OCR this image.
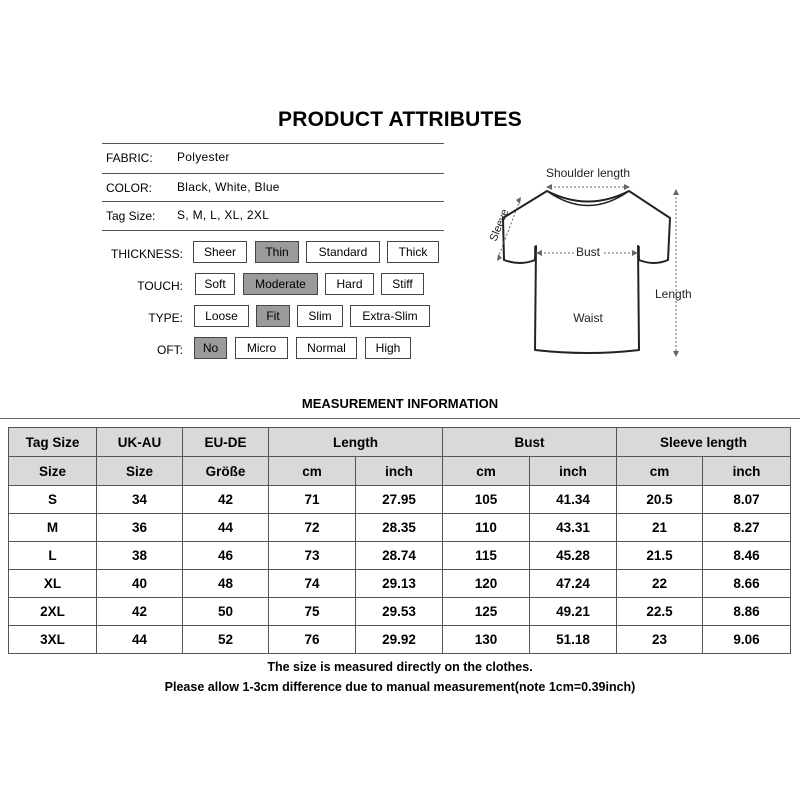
PRODUCT ATTRIBUTES
FABRIC: Polyester
COLOR: Black, White, Blue
Tag Size: S, M, L, XL, 2XL
THICKNESS:	Sheer	Thin	Standard	Thick
TOUCH:	Soft	Moderate	Hard	Stiff
TYPE:	Loose	Fit	Slim	Extra-Slim
OFT:	No	Micro	Normal	High
Shoulder length
Sleeve
Bust
Length
Waist
MEASUREMENT INFORMATION
Tag Size	UK-AU	EU-DE	Length		Bust		Sleeve length	
Size	Size	Größe	cm	inch	cm	inch	cm	inch
S	34	42	71	27.95	105	41.34	20.5	8.07
M	36	44	72	28.35	110	43.31	21	8.27
L	38	46	73	28.74	115	45.28	21.5	8.46
XL	40	48	74	29.13	120	47.24	22	8.66
2XL	42	50	75	29.53	125	49.21	22.5	8.86
3XL	44	52	76	29.92	130	51.18	23	9.06
The size is measured directly on the clothes.
Please allow 1-3cm difference due to manual measurement(note 1cm=0.39inch)
